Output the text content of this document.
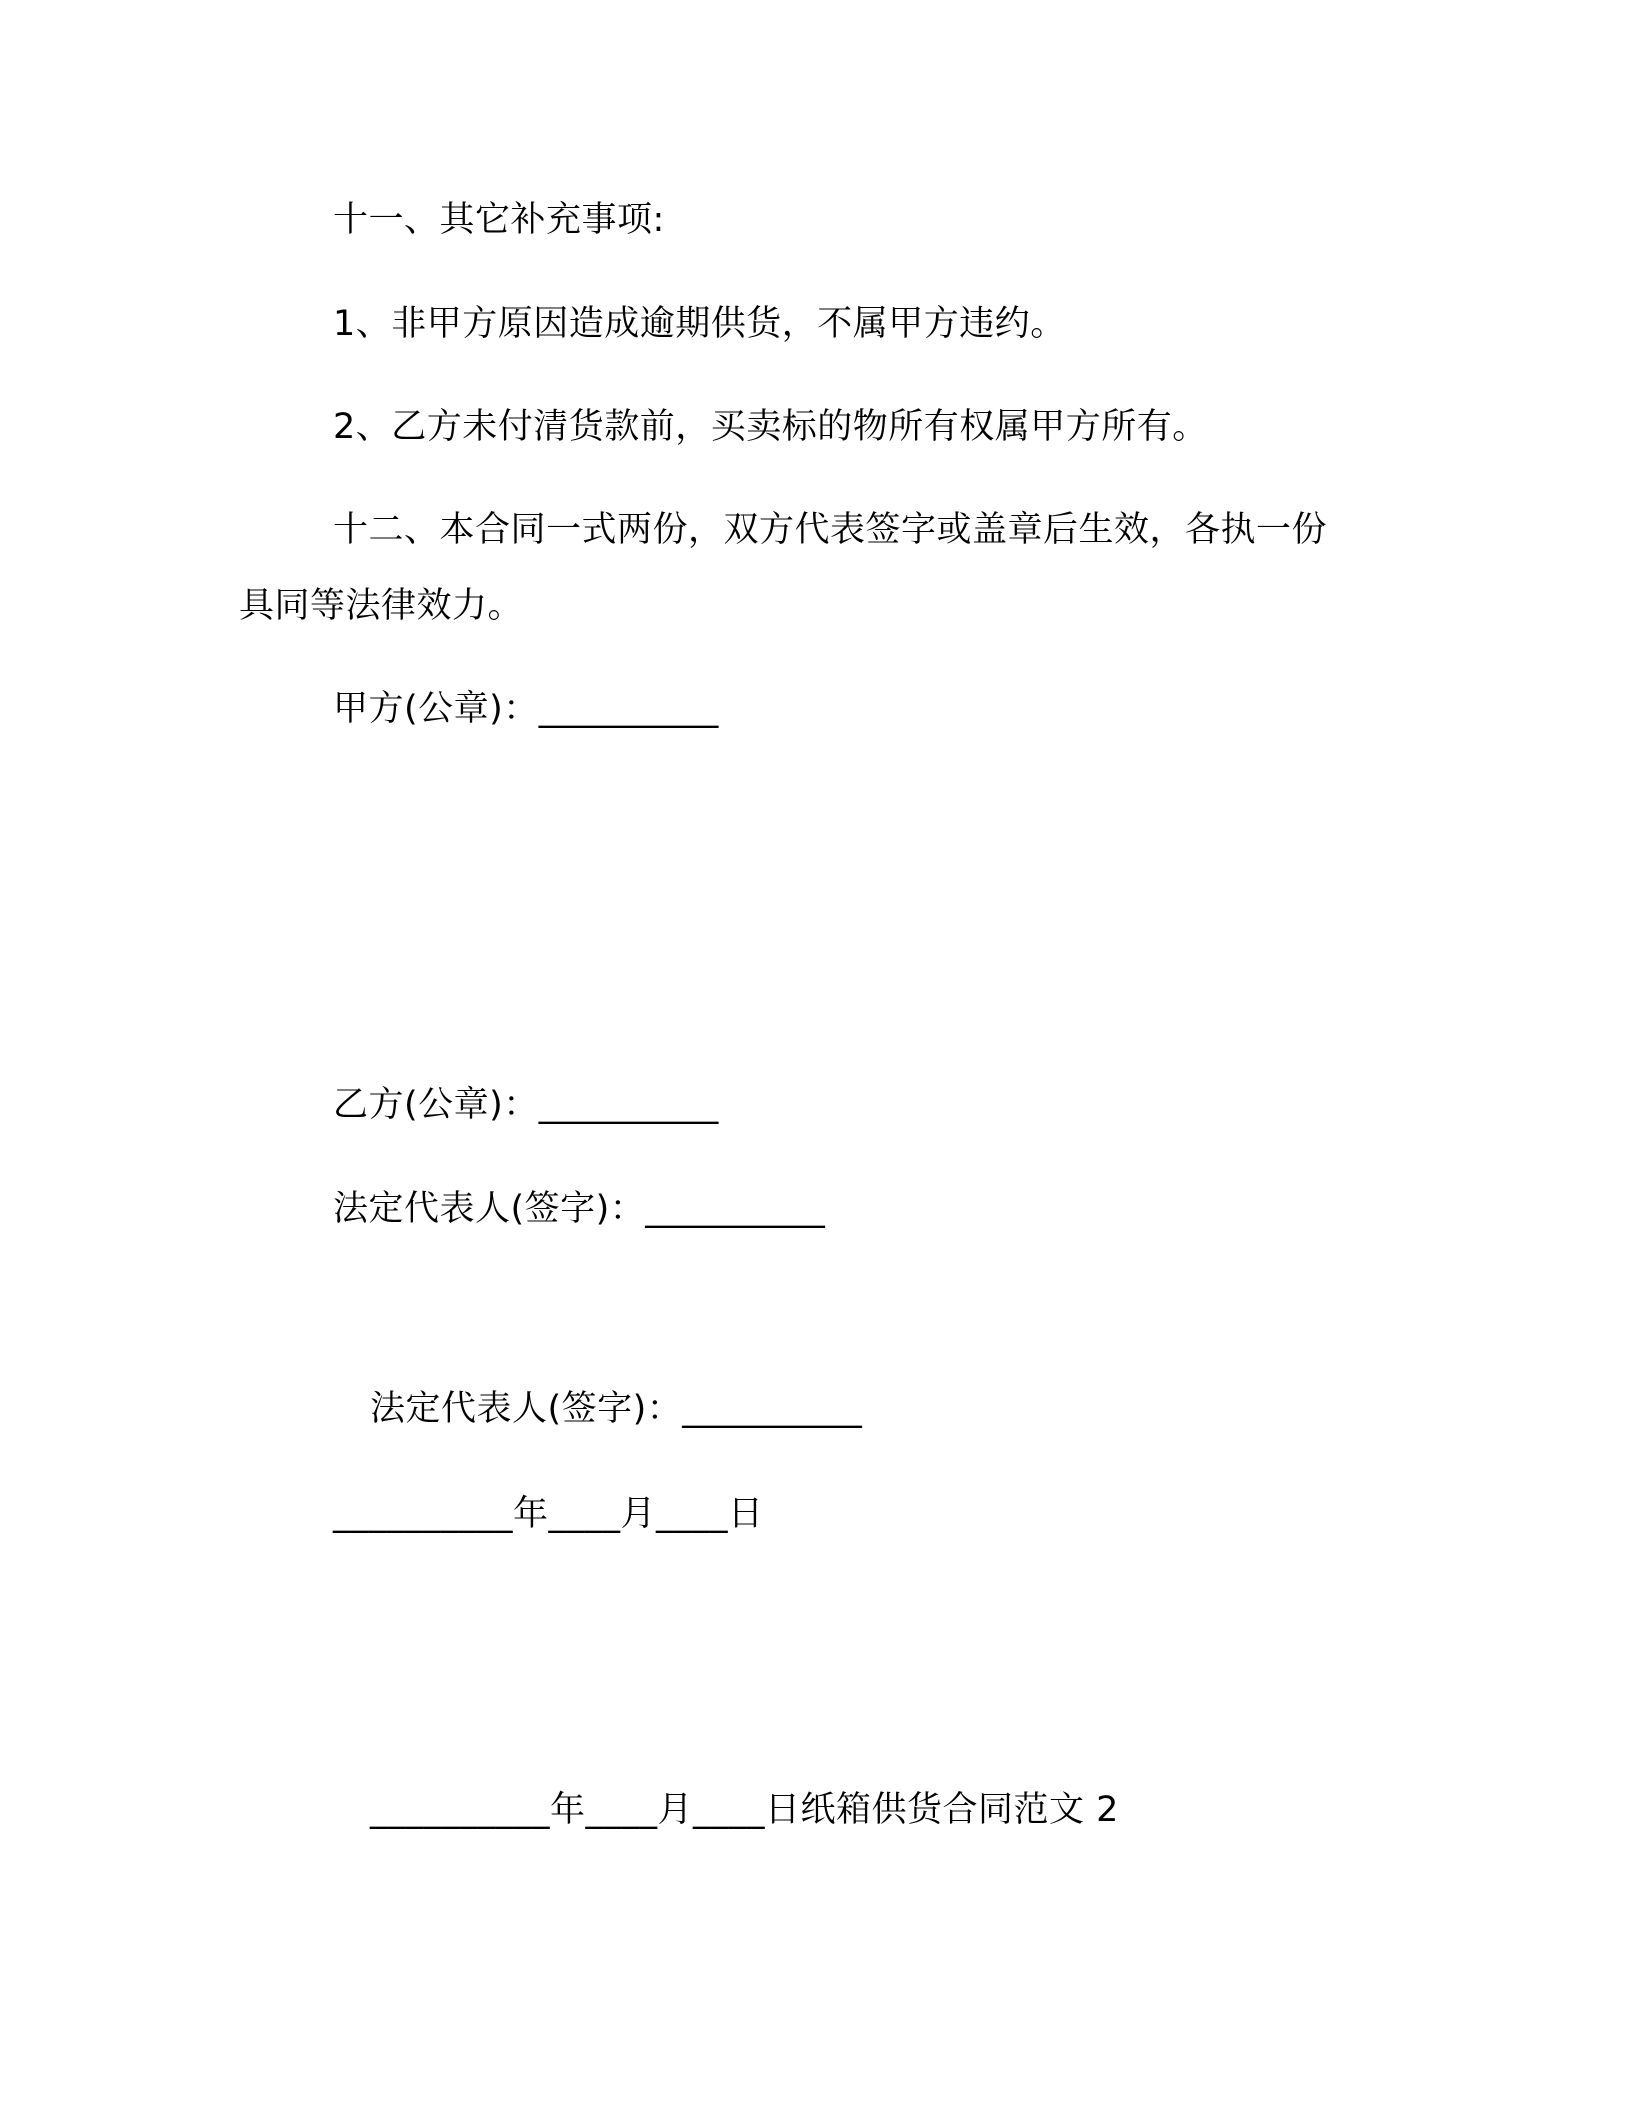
十一、其它补充事项:
1、非甲方原因造成逾期供货，不属甲方违约。
2、乙方未付清货款前，买卖标的物所有权属甲方所有。
十二、本合同一式两份，双方代表签字或盖章后生效，各执一份
具同等法律效力。
甲方(公章)：__________
乙方(公章)：__________
法定代表人(签字)：__________
法定代表人(签字)：__________
__________年____月____日
__________年____月____日纸箱供货合同范文 2
